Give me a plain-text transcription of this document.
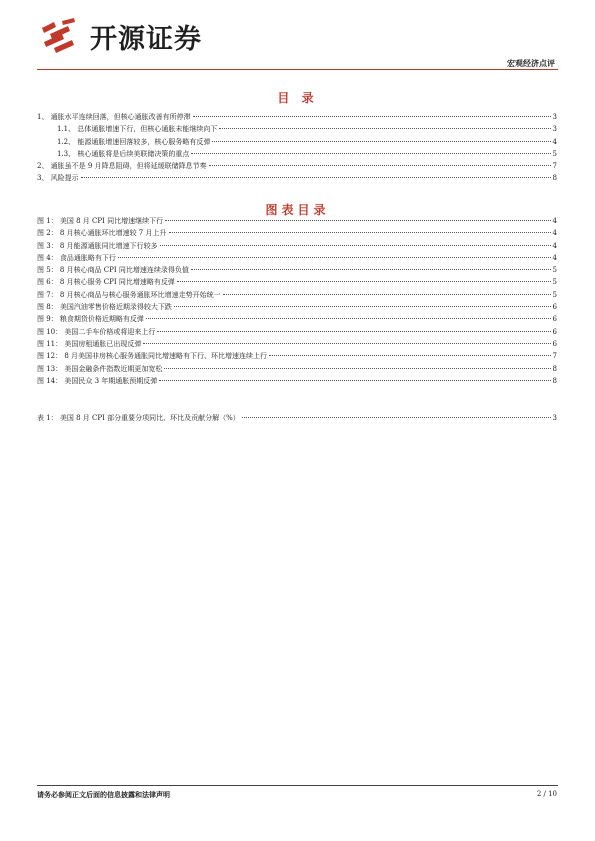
开源证券
宏观经济点评
目 录
1、 通胀水平连续回落，但核心通胀改善有所停滞	3
1.1、 总体通胀增速下行，但核心通胀未能继续向下	3
1.2、 能源通胀增速回落较多，核心服务略有反弹	4
1.3、 核心通胀将是后续美联储决策的重点	5
2、 通胀虽不是 9 月降息阻碍，但将延缓联储降息节奏	7
3、 风险提示	8
图表目录
图 1： 美国 8 月 CPI 同比增速继续下行	4
图 2： 8 月核心通胀环比增速较 7 月上升	4
图 3： 8 月能源通胀同比增速下行较多	4
图 4： 食品通胀略有下行	4
图 5： 8 月核心商品 CPI 同比增速连续录得负值	5
图 6： 8 月核心服务 CPI 同比增速略有反弹	5
图 7： 8 月核心商品与核心服务通胀环比增速走势开始统一	5
图 8： 美国汽油零售价格近期录得较大下跌	6
图 9： 粮食期货价格近期略有反弹	6
图 10： 美国二手车价格或将迎来上行	6
图 11： 美国房租通胀已出现反弹	6
图 12： 8 月美国非房核心服务通胀同比增速略有下行、环比增速连续上行	7
图 13： 美国金融条件指数近期更加宽松	8
图 14： 美国民众 3 年期通胀预期反弹	8
表 1： 美国 8 月 CPI 部分重要分项同比、环比及贡献分解（%）	3
请务必参阅正文后面的信息披露和法律声明	2 / 10
